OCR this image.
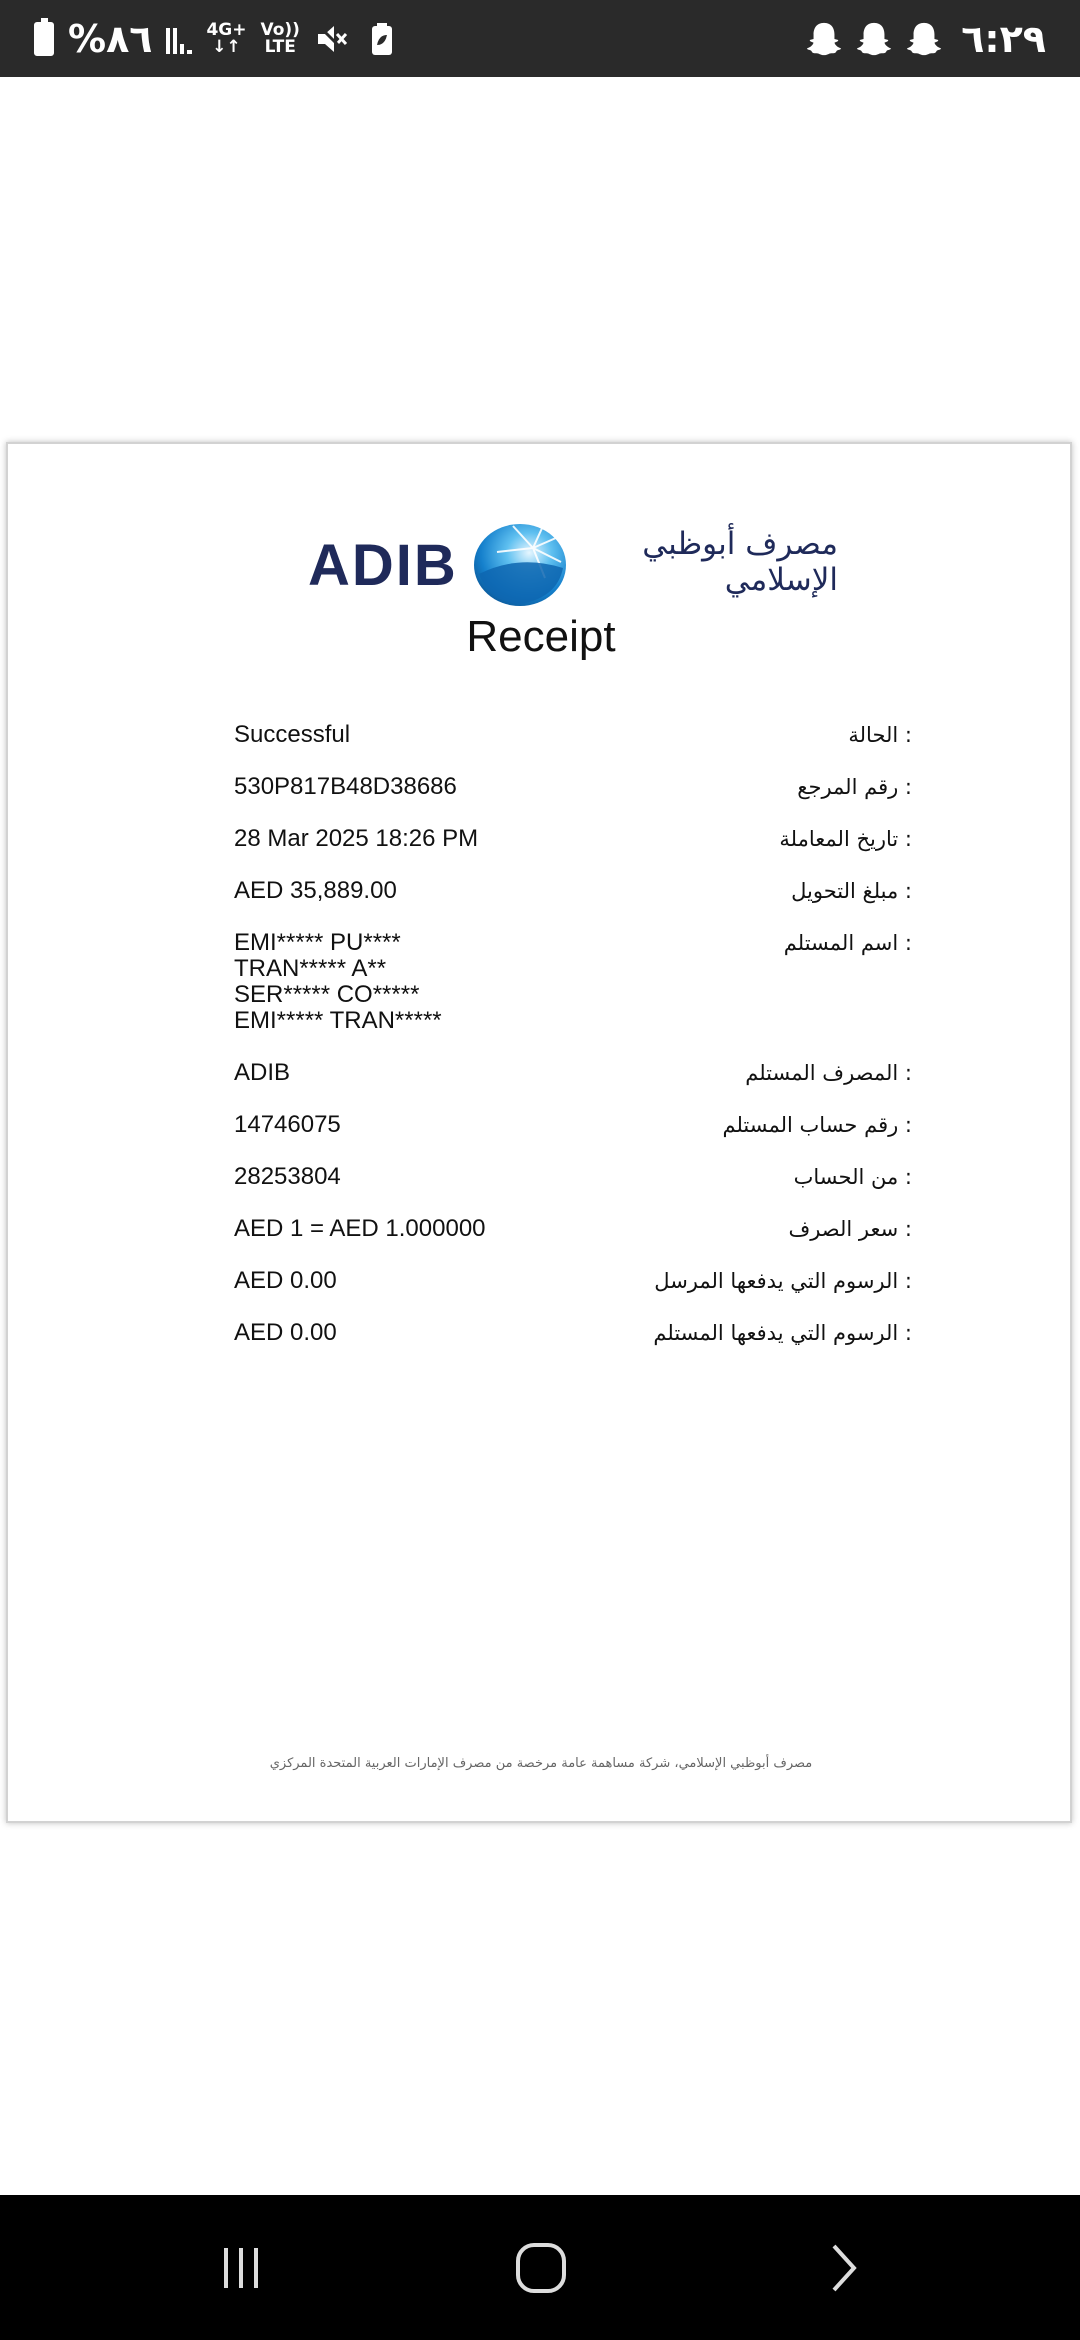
%٨٦	4G+
↓↑
Vo))
LTE	٦:٢٩
ADIB	مصرف أبوظبي
الإسلامي
Receipt
Successful	: الحالة
530P817B48D38686	: رقم المرجع
28 Mar 2025 18:26 PM	: تاريخ المعاملة
AED 35,889.00	: مبلغ التحويل
EMI***** PU****
TRAN***** A**
SER***** CO*****
EMI***** TRAN*****
: اسم المستلم
ADIB	: المصرف المستلم
14746075	: رقم حساب المستلم
28253804	: من الحساب
AED 1 = AED 1.000000	: سعر الصرف
AED 0.00	: الرسوم التي يدفعها المرسل
AED 0.00	: الرسوم التي يدفعها المستلم
مصرف أبوظبي الإسلامي، شركة مساهمة عامة مرخصة من مصرف الإمارات العربية المتحدة المركزي
